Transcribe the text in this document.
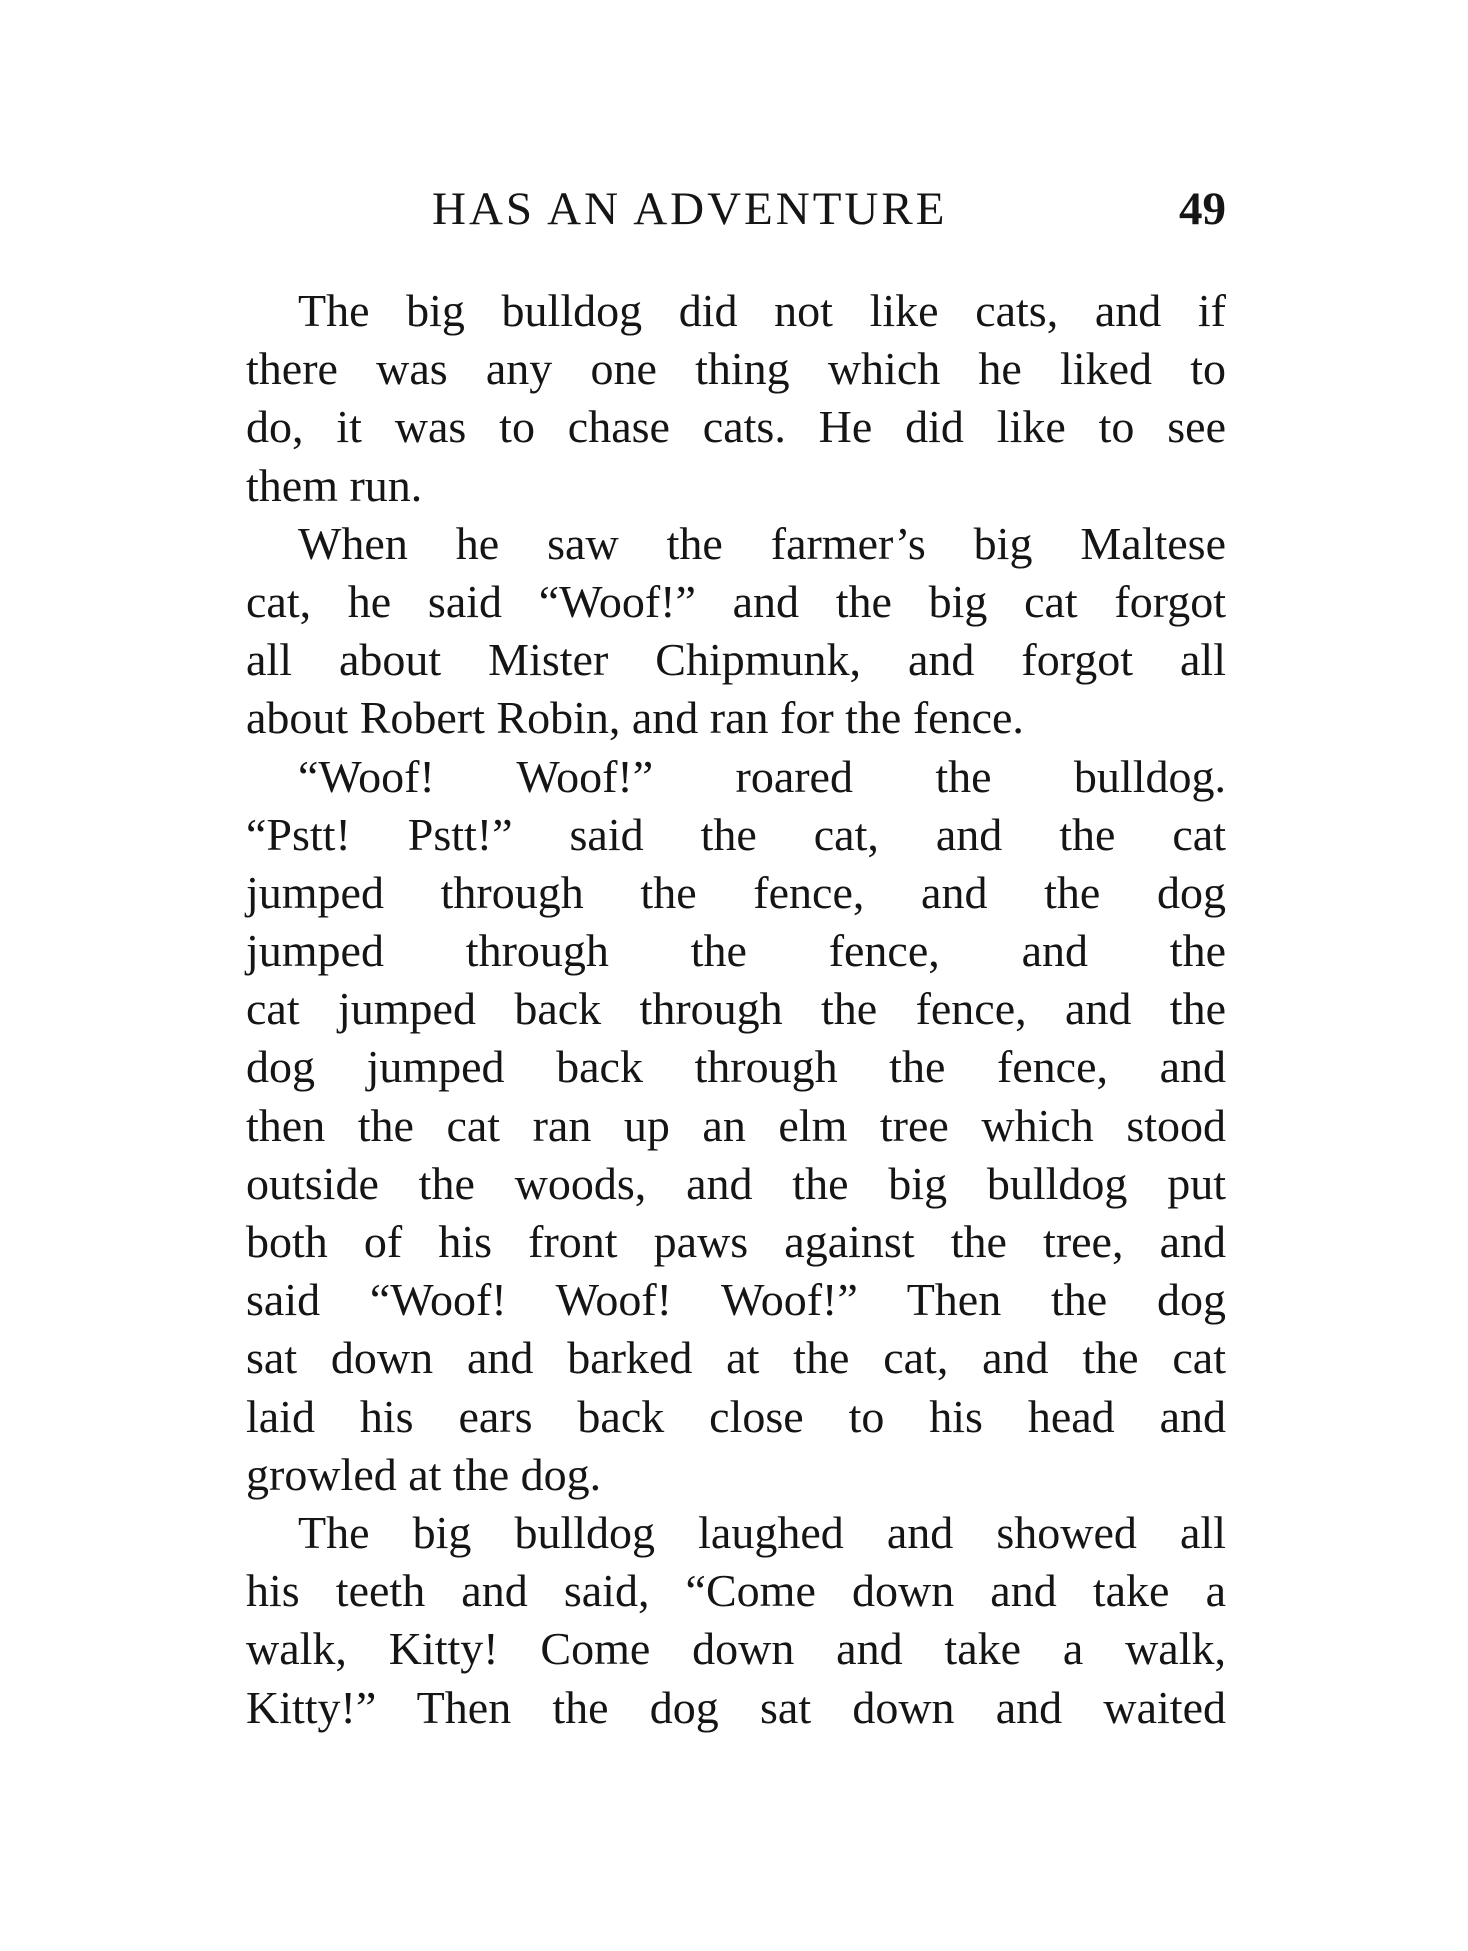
HAS AN ADVENTURE	49
The big bulldog did not like cats, and if
there was any one thing which he liked to
do, it was to chase cats. He did like to see
them run.
When he saw the farmer’s big Maltese
cat, he said “Woof!” and the big cat forgot
all about Mister Chipmunk, and forgot all
about Robert Robin, and ran for the fence.
“Woof! Woof!” roared the bulldog.
“Pstt! Pstt!” said the cat, and the cat
jumped through the fence, and the dog
jumped through the fence, and the
cat jumped back through the fence, and the
dog jumped back through the fence, and
then the cat ran up an elm tree which stood
outside the woods, and the big bulldog put
both of his front paws against the tree, and
said “Woof! Woof! Woof!” Then the dog
sat down and barked at the cat, and the cat
laid his ears back close to his head and
growled at the dog.
The big bulldog laughed and showed all
his teeth and said, “Come down and take a
walk, Kitty! Come down and take a walk,
Kitty!” Then the dog sat down and waited
